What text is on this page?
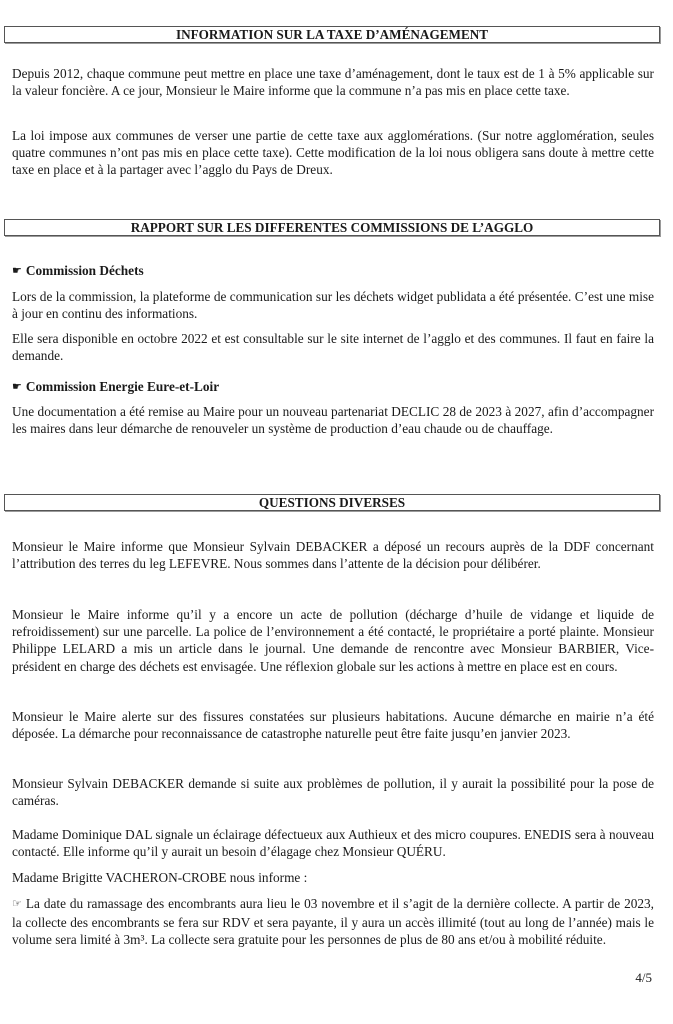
INFORMATION SUR LA TAXE D’AMÉNAGEMENT

Depuis 2012, chaque commune peut mettre en place une taxe d’aménagement, dont le taux est de 1 à 5% applicable sur la valeur foncière. A ce jour, Monsieur le Maire informe que la commune n’a pas mis en place cette taxe.

La loi impose aux communes de verser une partie de cette taxe aux agglomérations. (Sur notre agglomération, seules quatre communes n’ont pas mis en place cette taxe). Cette modification de la loi nous obligera sans doute à mettre cette taxe en place et à la partager avec l’agglo du Pays de Dreux.

RAPPORT SUR LES DIFFERENTES COMMISSIONS DE L’AGGLO
☛ Commission Déchets

Lors de la commission, la plateforme de communication sur les déchets widget publidata a été présentée. C’est une mise à jour en continu des informations.

Elle sera disponible en octobre 2022 et est consultable sur le site internet de l’agglo et des communes. Il faut en faire la demande.

☛ Commission Energie Eure-et-Loir

Une documentation a été remise au Maire pour un nouveau partenariat DECLIC 28 de 2023 à 2027, afin d’accompagner les maires dans leur démarche de renouveler un système de production d’eau chaude ou de chauffage.

QUESTIONS DIVERSES

Monsieur le Maire informe que Monsieur Sylvain DEBACKER a déposé un recours auprès de la DDF concernant l’attribution des terres du leg LEFEVRE. Nous sommes dans l’attente de la décision pour délibérer.

Monsieur le Maire informe qu’il y a encore un acte de pollution (décharge d’huile de vidange et liquide de refroidissement) sur une parcelle. La police de l’environnement a été contacté, le propriétaire a porté plainte. Monsieur Philippe LELARD a mis un article dans le journal. Une demande de rencontre avec Monsieur BARBIER, Vice-président en charge des déchets est envisagée. Une réflexion globale sur les actions à mettre en place est en cours.

Monsieur le Maire alerte sur des fissures constatées sur plusieurs habitations. Aucune démarche en mairie n’a été déposée. La démarche pour reconnaissance de catastrophe naturelle peut être faite jusqu’en janvier 2023.

Monsieur Sylvain DEBACKER demande si suite aux problèmes de pollution, il y aurait la possibilité pour la pose de caméras.

Madame Dominique DAL signale un éclairage défectueux aux Authieux et des micro coupures. ENEDIS sera à nouveau contacté. Elle informe qu’il y aurait un besoin d’élagage chez Monsieur QUÉRU.

Madame Brigitte VACHERON-CROBE nous informe :

☞ La date du ramassage des encombrants aura lieu le 03 novembre et il s’agit de la dernière collecte. A partir de 2023, la collecte des encombrants se fera sur RDV et sera payante, il y aura un accès illimité (tout au long de l’année) mais le volume sera limité à 3m³. La collecte sera gratuite pour les personnes de plus de 80 ans et/ou à mobilité réduite.

4/5
